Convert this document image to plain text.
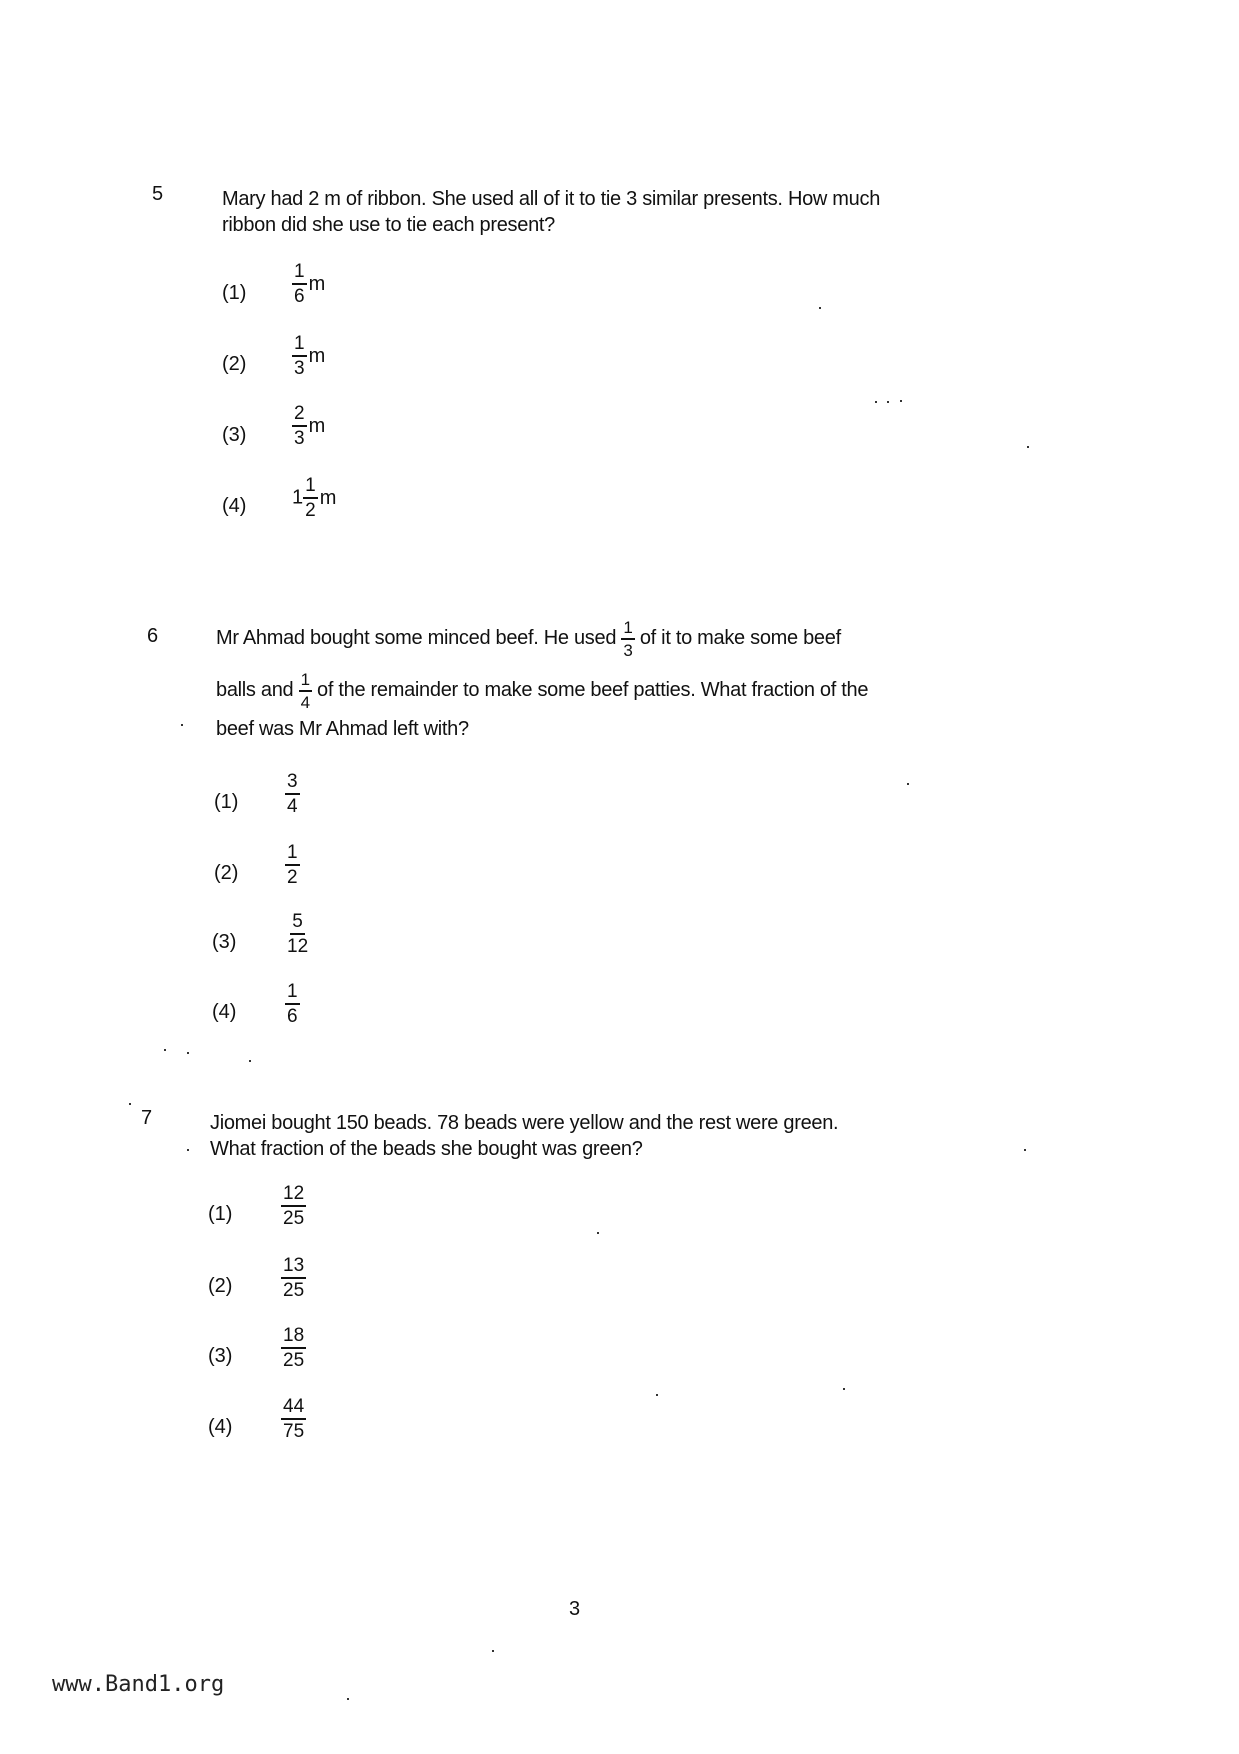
5	Mary had 2 m of ribbon. She used all of it to tie 3 similar presents. How much
ribbon did she use to tie each present?
$(1) \frac{1}{6}$ m
$(2) \frac{1}{3}$ m
$(3) \frac{2}{3}$ m
(4) $1 \frac{1}{2}$ m
6	Mr Ahmad bought some minced beef. He used $\frac{1}{3}$ of it to make some beef
balls and $\frac{1}{4}$ of the remainder to make some beef patties. What fraction of the
beef was Mr Ahmad left with?
$(1) \frac{3}{4}$
$(2) \frac{1}{2}$
(3)	$\frac{5}{12}$
(4)	$\frac{1}{6}$
7	Jiomei bought 150 beads. 78 beads were yellow and the rest were green.
What fraction of the beads she bought was green?
(1)	$\frac{12}{25}$
(2)	$\frac{13}{25}$
(3)	$\frac{18}{25}$
(4)	$\frac{44}{75}$
3
www.Band1.org
